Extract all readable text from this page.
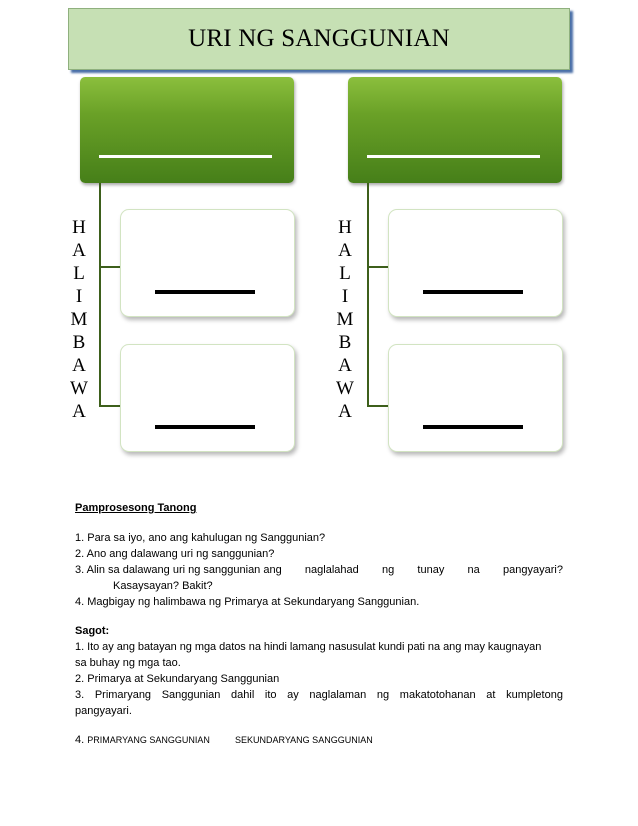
URI NG SANGGUNIAN
H
A
L
I
M
B
A
W
A
H
A
L
I
M
B
A
W
A
Pamprosesong Tanong
1. Para sa iyo, ano ang kahulugan ng Sanggunian?
2. Ano ang dalawang uri ng sanggunian?
3. Alin sa dalawang uri ng sanggunian ang naglalahad ng tunay na pangyayari?
Kasaysayan? Bakit?
4. Magbigay ng halimbawa ng Primarya at Sekundaryang Sanggunian.
Sagot:
1. Ito ay ang batayan ng mga datos na hindi lamang nasusulat kundi pati na ang may kaugnayan
sa buhay ng mga tao.
2. Primarya at Sekundaryang Sanggunian
3. Primaryang Sanggunian dahil ito ay naglalaman ng makatotohanan at kumpletong
pangyayari.
4. PRIMARYANG SANGGUNIAN	SEKUNDARYANG SANGGUNIAN
